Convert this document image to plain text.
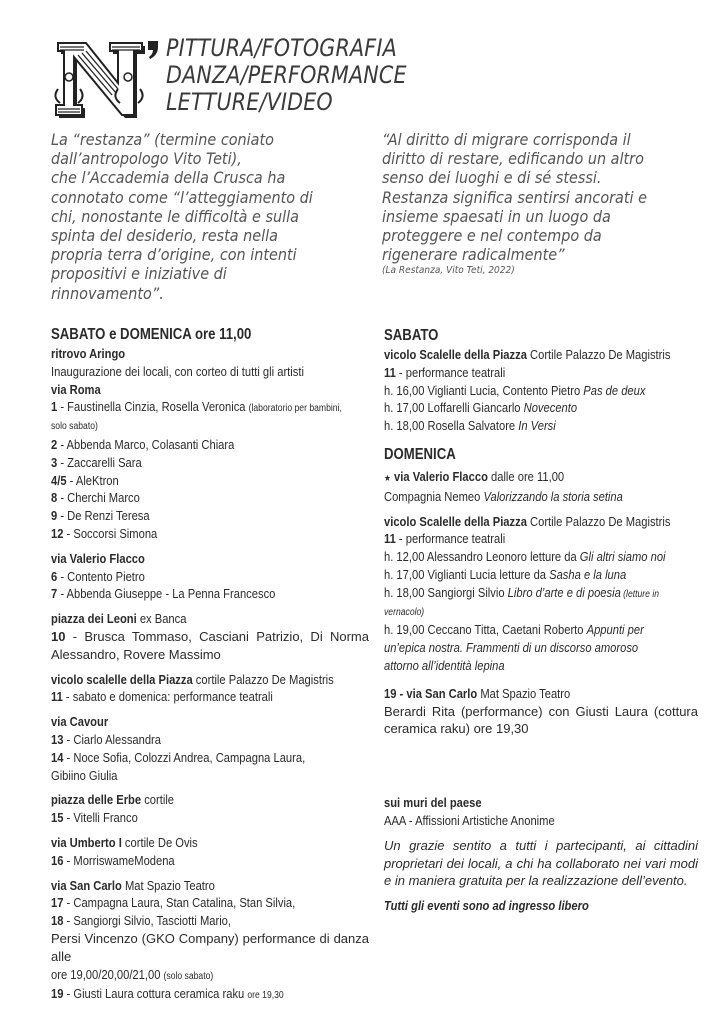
PITTURA/FOTOGRAFIA
DANZA/PERFORMANCE
LETTURE/VIDEO
La “restanza” (termine coniato
dall’antropologo Vito Teti),
che l’Accademia della Crusca ha
connotato come “l’atteggiamento di
chi, nonostante le difficoltà e sulla
spinta del desiderio, resta nella
propria terra d’origine, con intenti
propositivi e iniziative di
rinnovamento”.
“Al diritto di migrare corrisponda il
diritto di restare, edificando un altro
senso dei luoghi e di sé stessi.
Restanza significa sentirsi ancorati e
insieme spaesati in un luogo da
proteggere e nel contempo da
rigenerare radicalmente”
(La Restanza, Vito Teti, 2022)
SABATO e DOMENICA ore 11,00
ritrovo Aringo
Inaugurazione dei locali, con corteo di tutti gli artisti
via Roma
1 - Faustinella Cinzia, Rosella Veronica (laboratorio per bambini,
solo sabato)
2 - Abbenda Marco, Colasanti Chiara
3 - Zaccarelli Sara
4/5 - AleKtron
8 - Cherchi Marco
9 - De Renzi Teresa
12 - Soccorsi Simona
via Valerio Flacco
6 - Contento Pietro
7 - Abbenda Giuseppe - La Penna Francesco
piazza dei Leoni ex Banca
10 - Brusca Tommaso, Casciani Patrizio, Di Norma Alessandro, Rovere Massimo
vicolo scalelle della Piazza cortile Palazzo De Magistris
11 - sabato e domenica: performance teatrali
via Cavour
13 - Ciarlo Alessandra
14 - Noce Sofia, Colozzi Andrea, Campagna Laura,
Gibiino Giulia
piazza delle Erbe cortile
15 - Vitelli Franco
via Umberto I cortile De Ovis
16 - MorriswameModena
via San Carlo Mat Spazio Teatro
17 - Campagna Laura, Stan Catalina, Stan Silvia,
18 - Sangiorgi Silvio, Tasciotti Mario,
Persi Vincenzo (GKO Company) performance di danza alle
ore 19,00/20,00/21,00 (solo sabato)
19 - Giusti Laura cottura ceramica raku ore 19,30
SABATO
vicolo Scalelle della Piazza Cortile Palazzo De Magistris
11 - performance teatrali
h. 16,00 Viglianti Lucia, Contento Pietro Pas de deux
h. 17,00 Loffarelli Giancarlo Novecento
h. 18,00 Rosella Salvatore In Versi
DOMENICA
★ via Valerio Flacco dalle ore 11,00
Compagnia Nemeo Valorizzando la storia setina
vicolo Scalelle della Piazza Cortile Palazzo De Magistris
11 - performance teatrali
h. 12,00 Alessandro Leonoro letture da Gli altri siamo noi
h. 17,00 Viglianti Lucia letture da Sasha e la luna
h. 18,00 Sangiorgi Silvio Libro d’arte e di poesia (letture in
vernacolo)
h. 19,00 Ceccano Titta, Caetani Roberto Appunti per
un’epica nostra. Frammenti di un discorso amoroso
attorno all’identità lepina
19 - via San Carlo Mat Spazio Teatro
Berardi Rita (performance) con Giusti Laura (cottura ceramica raku) ore 19,30
sui muri del paese
AAA - Affissioni Artistiche Anonime
Un grazie sentito a tutti i partecipanti, ai cittadini proprietari dei locali, a chi ha collaborato nei vari modi e in maniera gratuita per la realizzazione dell’evento.
Tutti gli eventi sono ad ingresso libero
